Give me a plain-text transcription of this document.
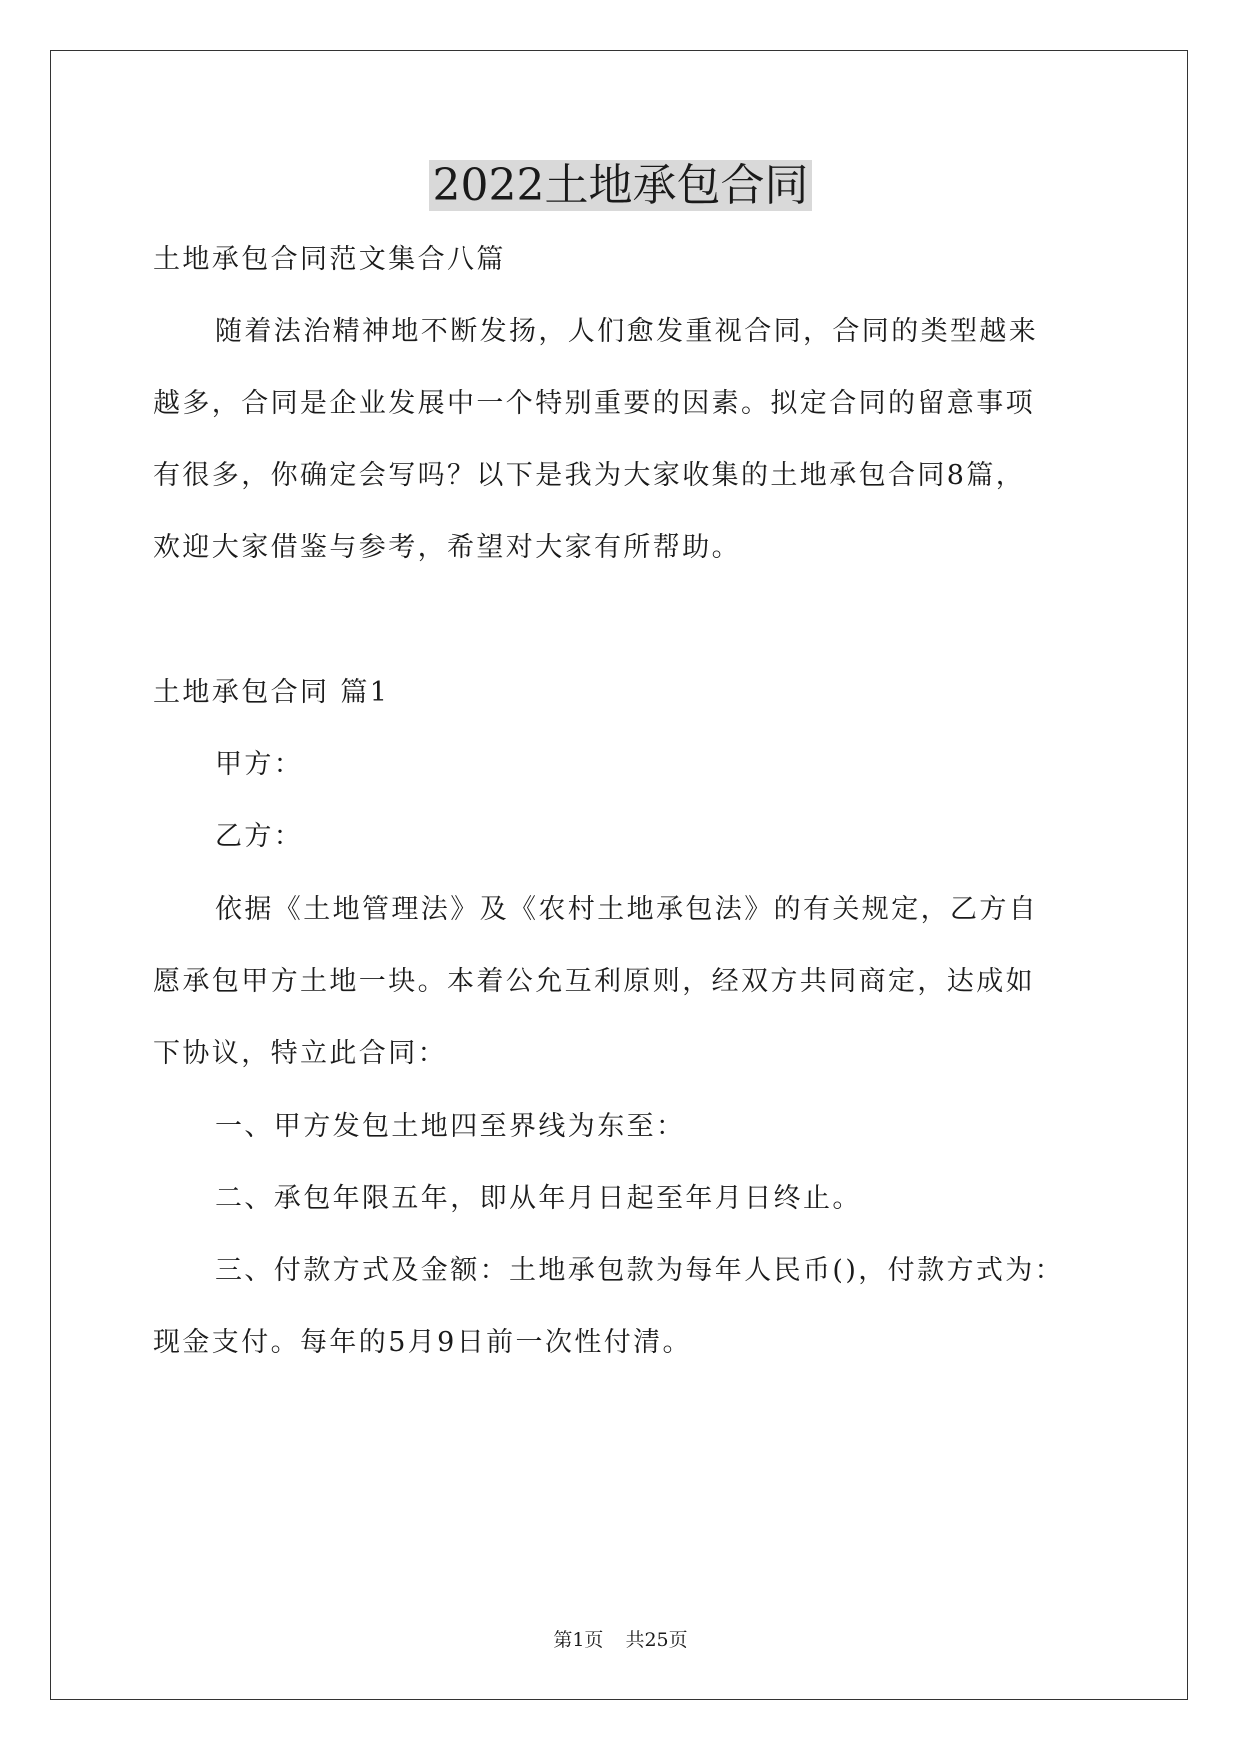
2022土地承包合同
土地承包合同范文集合八篇
随着法治精神地不断发扬，人们愈发重视合同，合同的类型越来
越多，合同是企业发展中一个特别重要的因素。拟定合同的留意事项
有很多，你确定会写吗？以下是我为大家收集的土地承包合同8篇，
欢迎大家借鉴与参考，希望对大家有所帮助。
土地承包合同 篇1
甲方：
乙方：
依据《土地管理法》及《农村土地承包法》的有关规定，乙方自
愿承包甲方土地一块。本着公允互利原则，经双方共同商定，达成如
下协议，特立此合同：
一、甲方发包土地四至界线为东至：
二、承包年限五年，即从年月日起至年月日终止。
三、付款方式及金额：土地承包款为每年人民币()，付款方式为：
现金支付。每年的5月9日前一次性付清。
第1页 共25页
